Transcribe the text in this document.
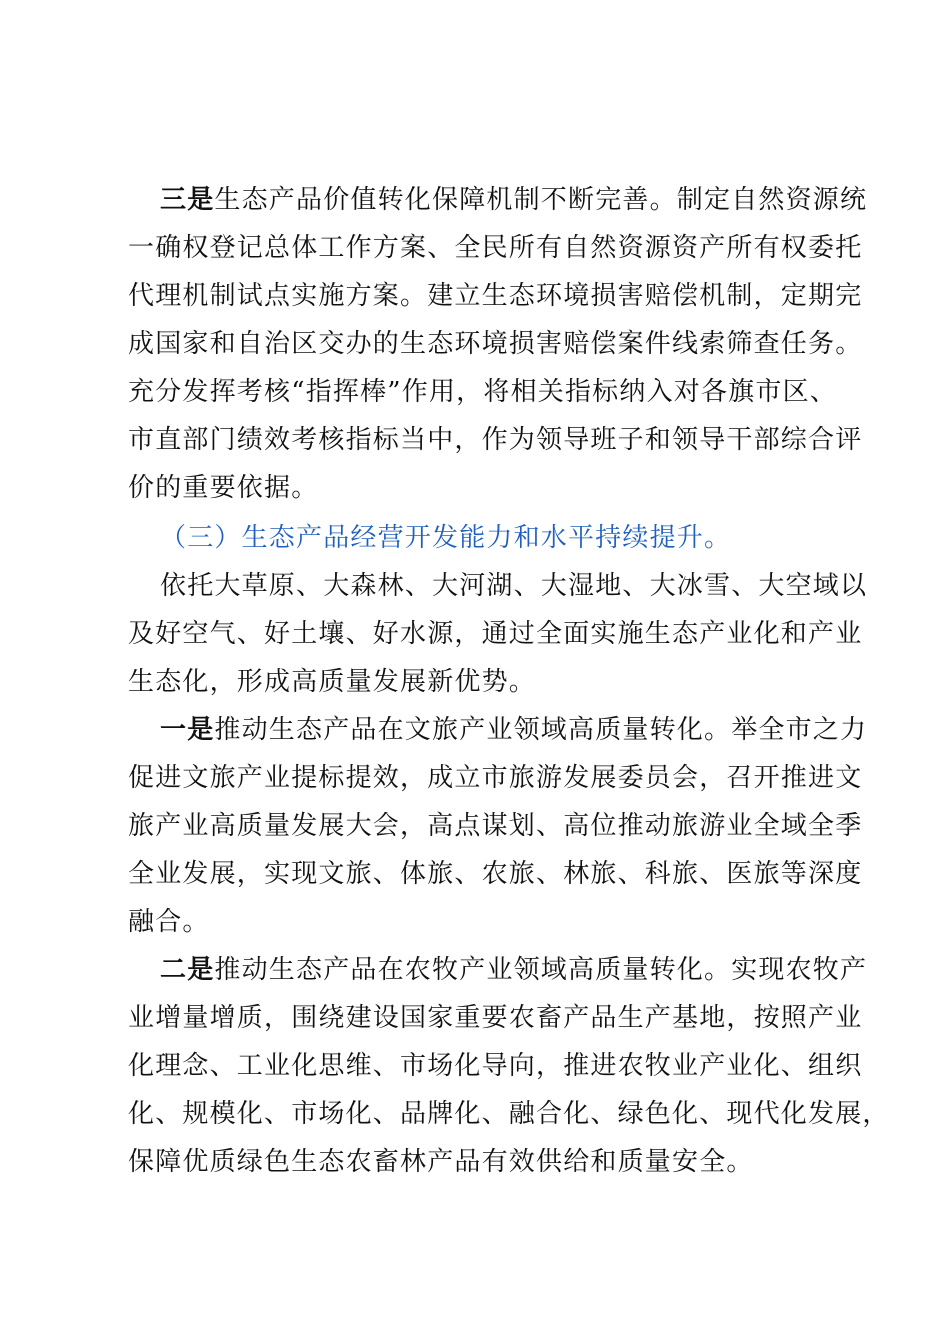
三是生态产品价值转化保障机制不断完善。制定自然资源统
一确权登记总体工作方案、全民所有自然资源资产所有权委托
代理机制试点实施方案。建立生态环境损害赔偿机制，定期完
成国家和自治区交办的生态环境损害赔偿案件线索筛查任务。
充分发挥考核“指挥棒”作用，将相关指标纳入对各旗市区、
市直部门绩效考核指标当中，作为领导班子和领导干部综合评
价的重要依据。
（三）生态产品经营开发能力和水平持续提升。
依托大草原、大森林、大河湖、大湿地、大冰雪、大空域以
及好空气、好土壤、好水源，通过全面实施生态产业化和产业
生态化，形成高质量发展新优势。
一是推动生态产品在文旅产业领域高质量转化。举全市之力
促进文旅产业提标提效，成立市旅游发展委员会，召开推进文
旅产业高质量发展大会，高点谋划、高位推动旅游业全域全季
全业发展，实现文旅、体旅、农旅、林旅、科旅、医旅等深度
融合。
二是推动生态产品在农牧产业领域高质量转化。实现农牧产
业增量增质，围绕建设国家重要农畜产品生产基地，按照产业
化理念、工业化思维、市场化导向，推进农牧业产业化、组织
化、规模化、市场化、品牌化、融合化、绿色化、现代化发展，
保障优质绿色生态农畜林产品有效供给和质量安全。
